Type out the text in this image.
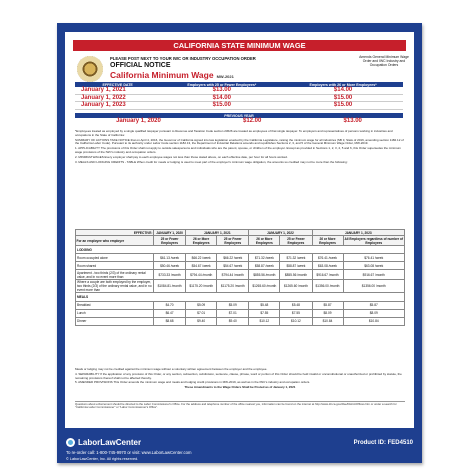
CALIFORNIA STATE MINIMUM WAGE
PLEASE POST NEXT TO YOUR IWC OR INDUSTRY OCCUPATION ORDER
OFFICIAL NOTICE
California Minimum Wage MW-2021
Amends General Minimum Wage Order and IWC Industry and Occupation Orders
EFFECTIVE DATE	Employers with 25 or Fewer Employees*	Employers with 26 or More Employees*
January 1, 2021	$13.00	$14.00
January 1, 2022	$14.00	$15.00
January 1, 2023	$15.00	$15.00
PREVIOUS YEAR
January 1, 2020	$12.00	$13.00

*Employees treated as employed by a single qualified taxpayer pursuant to Revenue and Taxation Code section 23626 are treated as employees of that single taxpayer. To employers and representatives of persons working in industries and occupations in the State of California:

SUMMARY OF ACTIONS TAKE NOTICE that on April 4, 2016, the Governor of California signed into law legislation enacted by the California Legislature, raising the minimum wage for all industries (SB 3, Stats of 2016, amending section 1182.12 of the California Labor Code). Pursuant to its authority under Labor Code section 1182.13, the Department of Industrial Relations amends and republishes Sections 2, 3, and 5 of the General Minimum Wage Order, MW-2019.

1. APPLICABILITY The provisions of this Order shall not apply to outside salespersons and individuals who are the parent, spouse, or children of the employer. Except as provided in Sections 1, 2, 3, 4, 5 and 6, this Order supersedes the minimum wage provisions of the IWC's industry and occupation orders.

2. MINIMUM WAGES Every employer shall pay to each employee wages not less than those stated above, on each effective date, per hour for all hours worked.

3. MEALS AND LODGING CREDITS - TABLE When credit for meals or lodging is used to meet part of the employer's minimum wage obligation, the amounts so credited may not be more than the following:

EFFECTIVE:	JANUARY 1, 2020	JANUARY 1, 2021		JANUARY 1, 2022		JANUARY 1, 2023	
For an employee who employer	25 or Fewer Employees	26 or More Employees	25 or Fewer Employees	26 or More Employees	25 or Fewer Employees	26 or More Employees	All Employers regardless of number of Employees
LODGING							
Room occupied alone	$61.13 /week	$66.22 /week	$66.22 /week	$71.32 /week	$71.32 /week	$76.41 /week	$76.41 /week
Room shared	$50.46 /week	$54.67 /week	$54.67 /week	$58.87 /week	$58.87 /week	$63.08 /week	$63.08 /week
Apartment - two thirds (2/3) of the ordinary rental value, and in no event more than	$733.33 /month	$794.44 /month	$794.44 /month	$855.56 /month	$855.56 /month	$916.67 /month	$916.67 /month
Where a couple are both employed by the employer, two thirds (2/3) of the ordinary rental value, and in no event more than	$1084.81 /month	$1175.20 /month	$1175.20 /month	$1265.60 /month	$1265.60 /month	$1356.00 /month	$1356.00 /month
MEALS							
Breakfast	$4.70	$5.09	$5.09	$5.48	$5.48	$5.87	$5.87
Lunch	$6.47	$7.01	$7.01	$7.55	$7.55	$8.09	$8.09
Dinner	$8.68	$9.40	$9.40	$10.12	$10.12	$10.84	$10.84

Meals or lodging may not be credited against the minimum wage without a voluntary written agreement between the employer and the employee.

4. SEPARABILITY If the application of any provision of this Order, or any section, subsection, subdivision, sentence, clause, phrase, word or portion of this Order should be held invalid or unconstitutional or unauthorized or prohibited by statute, the remaining provisions thereof shall not be affected thereby.

5. AMENDED PROVISIONS This Order amends the minimum wage and meals and lodging credit provisions in MW-2019, as well as in the IWC's industry and occupation orders.

These Amendments to the Wage Orders Shall be Posted as of January 1, 2021

Questions about enforcement should be directed to the Labor Commissioner's Office. For the address and telephone number of the office nearest you, information can be found on the internet at http://www.dir.ca.gov/dlse/DistrictOffices.htm or under a search for "California Labor Commissioner" or "Labor Commissioner's Office".
LaborLawCenter	Product ID: FED4510
To re-order call: 1-800-745-9970 or visit: www.LaborLawCenter.com
© LaborLawCenter, Inc. All rights reserved.
